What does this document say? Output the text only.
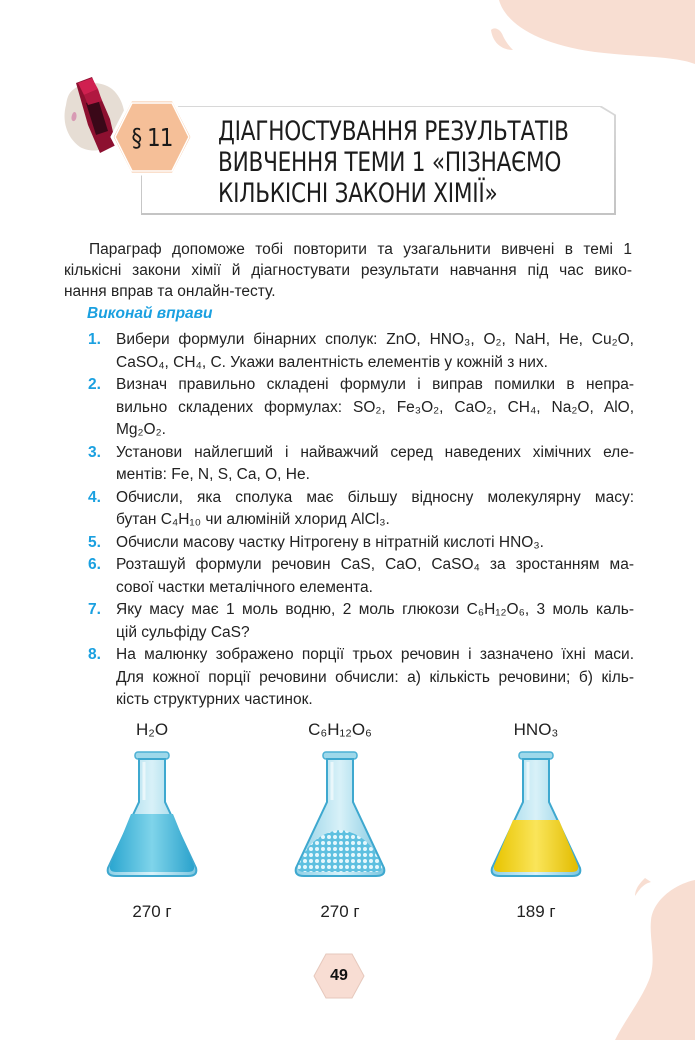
§ 11	ДІАГНОСТУВАННЯ РЕЗУЛЬТАТІВ
ВИВЧЕННЯ ТЕМИ 1 «ПІЗНАЄМО
КІЛЬКІСНІ ЗАКОНИ ХІМІЇ»
Параграф допоможе тобі повторити та узагальнити вивчені в темі 1
кількісні закони хімії й діагностувати результати навчання під час вико-
нання вправ та онлайн-тесту.
Виконай вправи
1. Вибери формули бінарних сполук: ZnO, HNO₃, O₂, NaH, He, Cu₂O,
CaSO₄, CH₄, C. Укажи валентність елементів у кожній з них.
2. Визнач правильно складені формули і виправ помилки в непра-
вильно складених формулах: SO₂, Fe₃O₂, CaO₂, CH₄, Na₂O, AlO,
Mg₂O₂.
3. Установи найлегший і найважчий серед наведених хімічних еле-
ментів: Fe, N, S, Ca, O, He.
4. Обчисли, яка сполука має більшу відносну молекулярну масу:
бутан C₄H₁₀ чи алюміній хлорид AlCl₃.
5. Обчисли масову частку Нітрогену в нітратній кислоті HNO₃.
6. Розташуй формули речовин CaS, CaO, CaSO₄ за зростанням ма-
сової частки металічного елемента.
7. Яку масу має 1 моль водню, 2 моль глюкози C₆H₁₂O₆, 3 моль каль-
цій сульфіду CaS?
8. На малюнку зображено порції трьох речовин і зазначено їхні маси.
Для кожної порції речовини обчисли: а) кількість речовини; б) кіль-
кість структурних частинок.
H₂O
270 г
C₆H₁₂O₆
270 г
HNO₃
189 г
49
